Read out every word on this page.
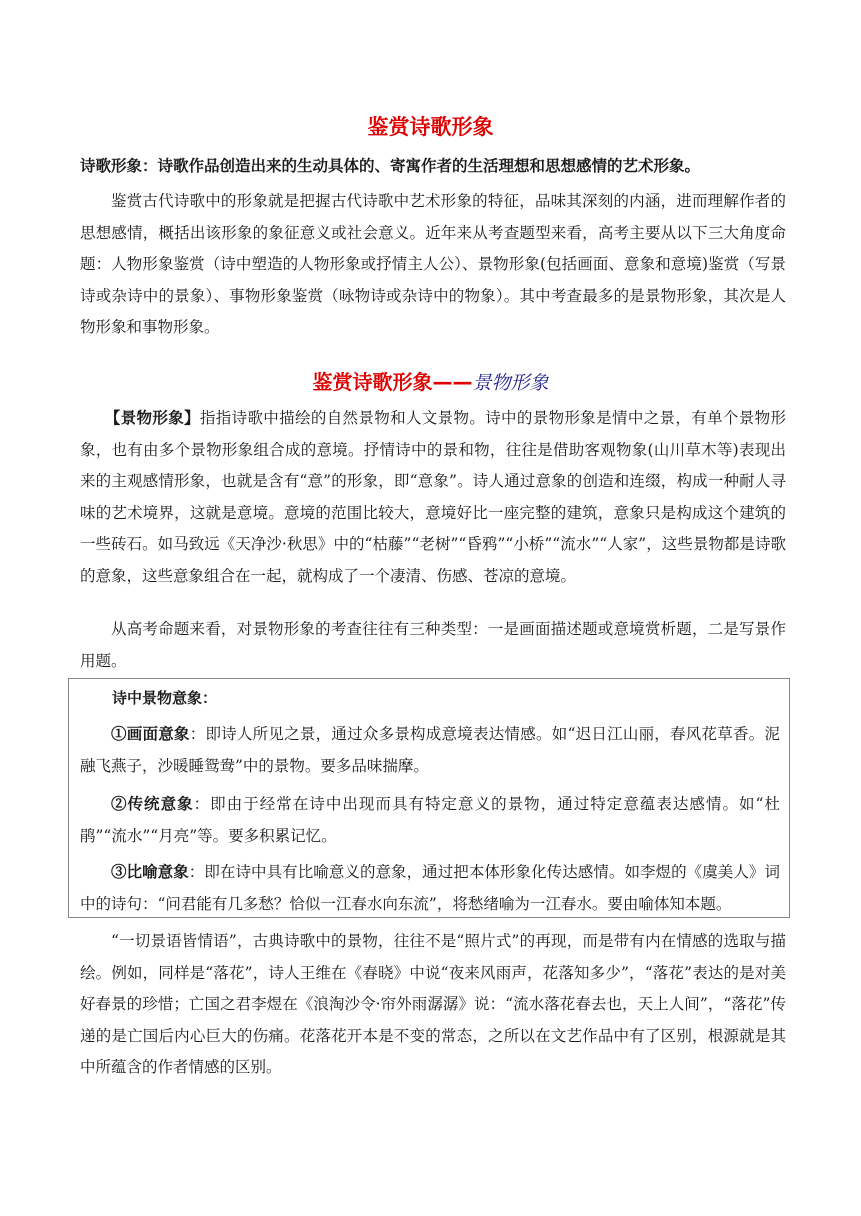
鉴赏诗歌形象
诗歌形象：诗歌作品创造出来的生动具体的、寄寓作者的生活理想和思想感情的艺术形象。

鉴赏古代诗歌中的形象就是把握古代诗歌中艺术形象的特征，品味其深刻的内涵，进而理解作者的思想感情，概括出该形象的象征意义或社会意义。近年来从考查题型来看，高考主要从以下三大角度命题：人物形象鉴赏（诗中塑造的人物形象或抒情主人公）、景物形象(包括画面、意象和意境)鉴赏（写景诗或杂诗中的景象）、事物形象鉴赏（咏物诗或杂诗中的物象）。其中考查最多的是景物形象，其次是人物形象和事物形象。

鉴赏诗歌形象——景物形象

【景物形象】指指诗歌中描绘的自然景物和人文景物。诗中的景物形象是情中之景，有单个景物形象，也有由多个景物形象组合成的意境。抒情诗中的景和物，往往是借助客观物象(山川草木等)表现出来的主观感情形象，也就是含有“意”的形象，即“意象”。诗人通过意象的创造和连缀，构成一种耐人寻味的艺术境界，这就是意境。意境的范围比较大，意境好比一座完整的建筑，意象只是构成这个建筑的一些砖石。如马致远《天净沙·秋思》中的“枯藤”“老树”“昏鸦”“小桥”“流水”“人家”，这些景物都是诗歌的意象，这些意象组合在一起，就构成了一个凄清、伤感、苍凉的意境。

从高考命题来看，对景物形象的考查往往有三种类型：一是画面描述题或意境赏析题，二是写景作用题。

诗中景物意象：

①画面意象：即诗人所见之景，通过众多景构成意境表达情感。如“迟日江山丽，春风花草香。泥融飞燕子，沙暖睡鸳鸯”中的景物。要多品味揣摩。

②传统意象：即由于经常在诗中出现而具有特定意义的景物，通过特定意蕴表达感情。如“杜鹃”“流水”“月亮”等。要多积累记忆。

③比喻意象：即在诗中具有比喻意义的意象，通过把本体形象化传达感情。如李煜的《虞美人》词中的诗句：“问君能有几多愁？恰似一江春水向东流”，将愁绪喻为一江春水。要由喻体知本题。

“一切景语皆情语”，古典诗歌中的景物，往往不是“照片式”的再现，而是带有内在情感的选取与描绘。例如，同样是“落花”，诗人王维在《春晓》中说“夜来风雨声，花落知多少”，“落花”表达的是对美好春景的珍惜；亡国之君李煜在《浪淘沙令·帘外雨潺潺》说：“流水落花春去也，天上人间”，“落花”传递的是亡国后内心巨大的伤痛。花落花开本是不变的常态，之所以在文艺作品中有了区别，根源就是其中所蕴含的作者情感的区别。
